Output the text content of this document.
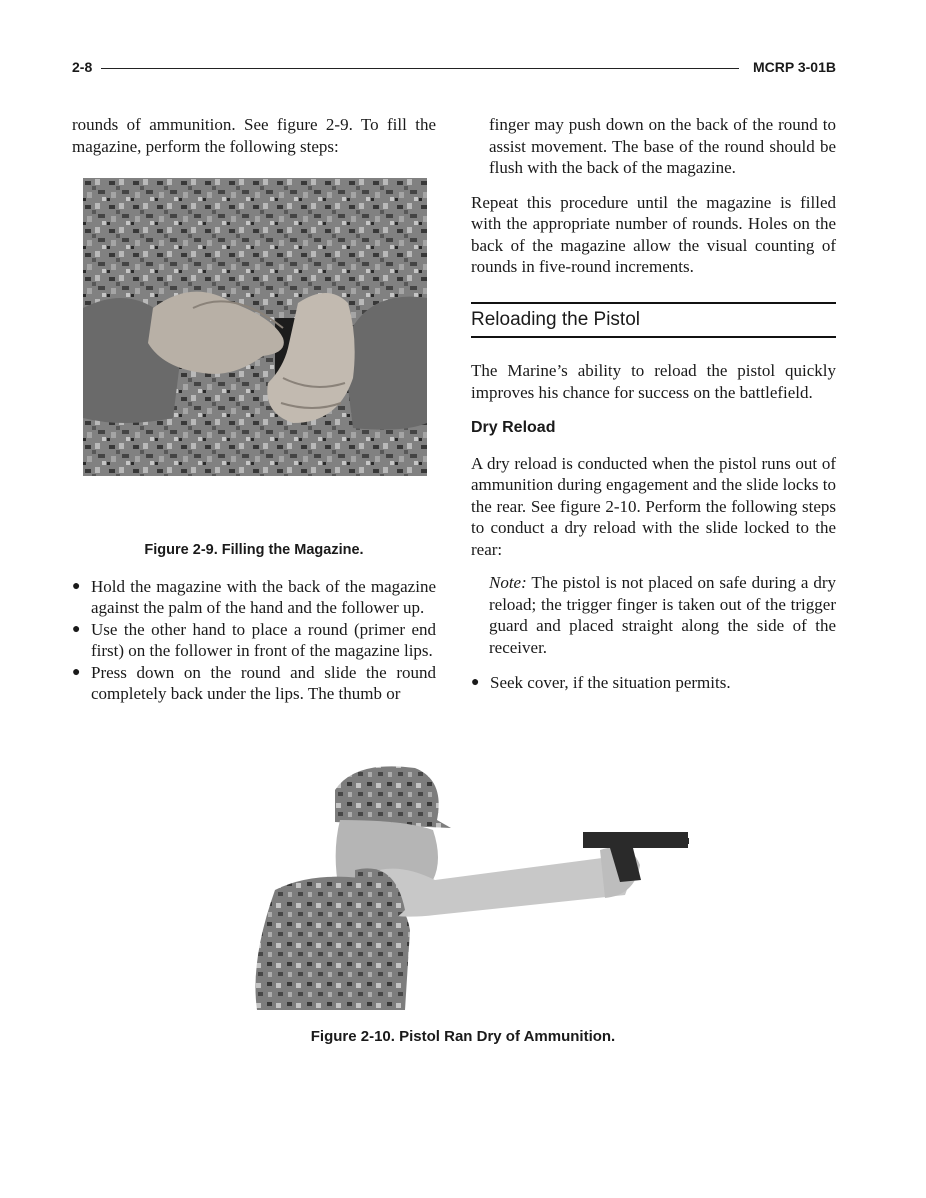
2-8	MCRP 3-01B

rounds of ammunition. See figure 2-9. To fill the magazine, perform the following steps:

Figure 2-9. Filling the Magazine.
● Hold the magazine with the back of the magazine against the palm of the hand and the follower up.
● Use the other hand to place a round (primer end first) on the follower in front of the magazine lips.
● Press down on the round and slide the round completely back under the lips. The thumb or

finger may push down on the back of the round to assist movement. The base of the round should be flush with the back of the magazine.

Repeat this procedure until the magazine is filled with the appropriate number of rounds. Holes on the back of the magazine allow the visual counting of rounds in five-round increments.

Reloading the Pistol

The Marine’s ability to reload the pistol quickly improves his chance for success on the battlefield.

Dry Reload

A dry reload is conducted when the pistol runs out of ammunition during engagement and the slide locks to the rear. See figure 2-10. Perform the following steps to conduct a dry reload with the slide locked to the rear:

Note: The pistol is not placed on safe during a dry reload; the trigger finger is taken out of the trigger guard and placed straight along the side of the receiver.

● Seek cover, if the situation permits.
Figure 2-10. Pistol Ran Dry of Ammunition.
